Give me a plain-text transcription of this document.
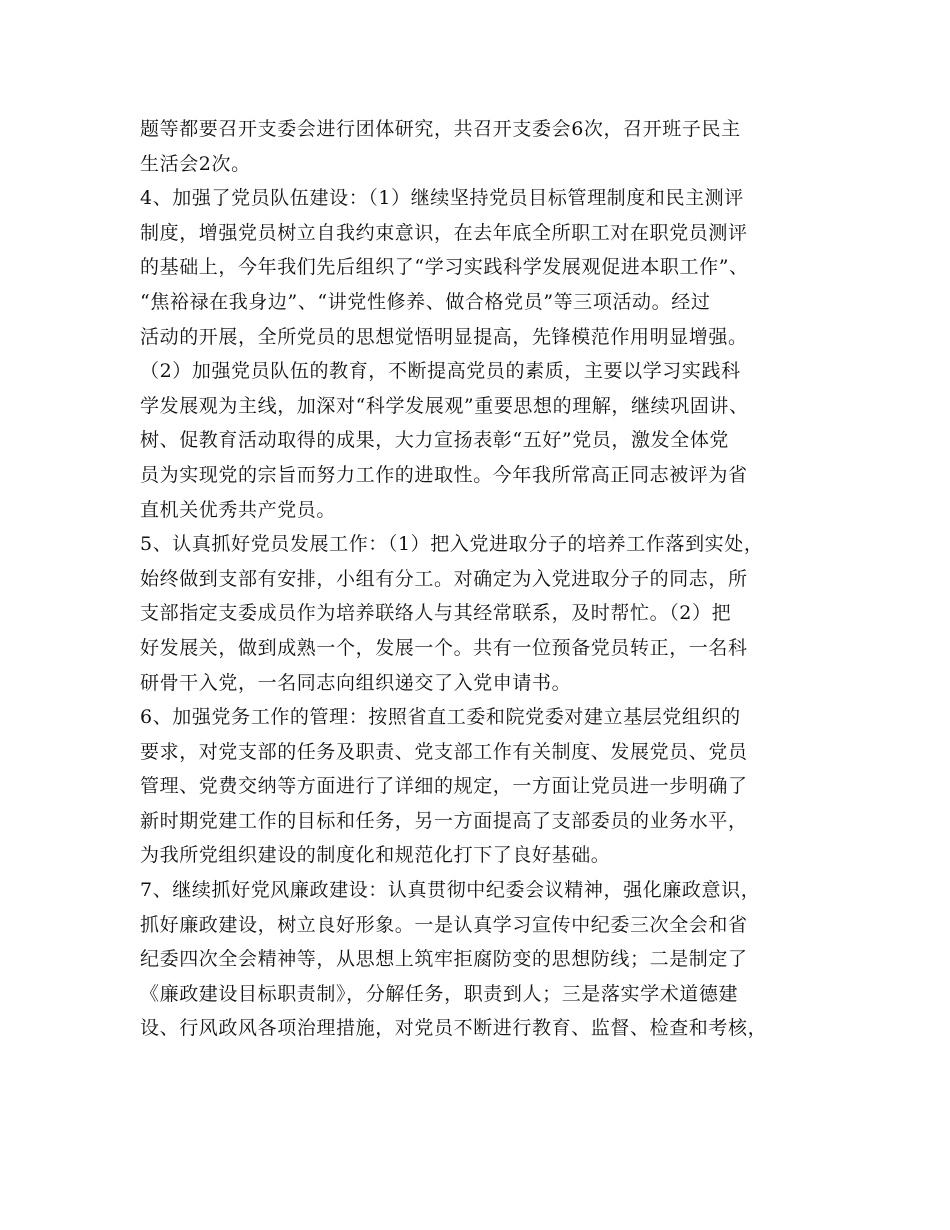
题等都要召开支委会进行团体研究，共召开支委会6次，召开班子民主
生活会2次。
4、加强了党员队伍建设：（1）继续坚持党员目标管理制度和民主测评
制度，增强党员树立自我约束意识，在去年底全所职工对在职党员测评
的基础上，今年我们先后组织了“学习实践科学发展观促进本职工作”、
“焦裕禄在我身边”、“讲党性修养、做合格党员”等三项活动。经过
活动的开展，全所党员的思想觉悟明显提高，先锋模范作用明显增强。
（2）加强党员队伍的教育，不断提高党员的素质，主要以学习实践科
学发展观为主线，加深对“科学发展观”重要思想的理解，继续巩固讲、
树、促教育活动取得的成果，大力宣扬表彰“五好”党员，激发全体党
员为实现党的宗旨而努力工作的进取性。今年我所常高正同志被评为省
直机关优秀共产党员。
5、认真抓好党员发展工作：（1）把入党进取分子的培养工作落到实处，
始终做到支部有安排，小组有分工。对确定为入党进取分子的同志，所
支部指定支委成员作为培养联络人与其经常联系，及时帮忙。（2）把
好发展关，做到成熟一个，发展一个。共有一位预备党员转正，一名科
研骨干入党，一名同志向组织递交了入党申请书。
6、加强党务工作的管理：按照省直工委和院党委对建立基层党组织的
要求，对党支部的任务及职责、党支部工作有关制度、发展党员、党员
管理、党费交纳等方面进行了详细的规定，一方面让党员进一步明确了
新时期党建工作的目标和任务，另一方面提高了支部委员的业务水平，
为我所党组织建设的制度化和规范化打下了良好基础。
7、继续抓好党风廉政建设：认真贯彻中纪委会议精神，强化廉政意识，
抓好廉政建设，树立良好形象。一是认真学习宣传中纪委三次全会和省
纪委四次全会精神等，从思想上筑牢拒腐防变的思想防线；二是制定了
《廉政建设目标职责制》，分解任务，职责到人；三是落实学术道德建
设、行风政风各项治理措施，对党员不断进行教育、监督、检查和考核，
